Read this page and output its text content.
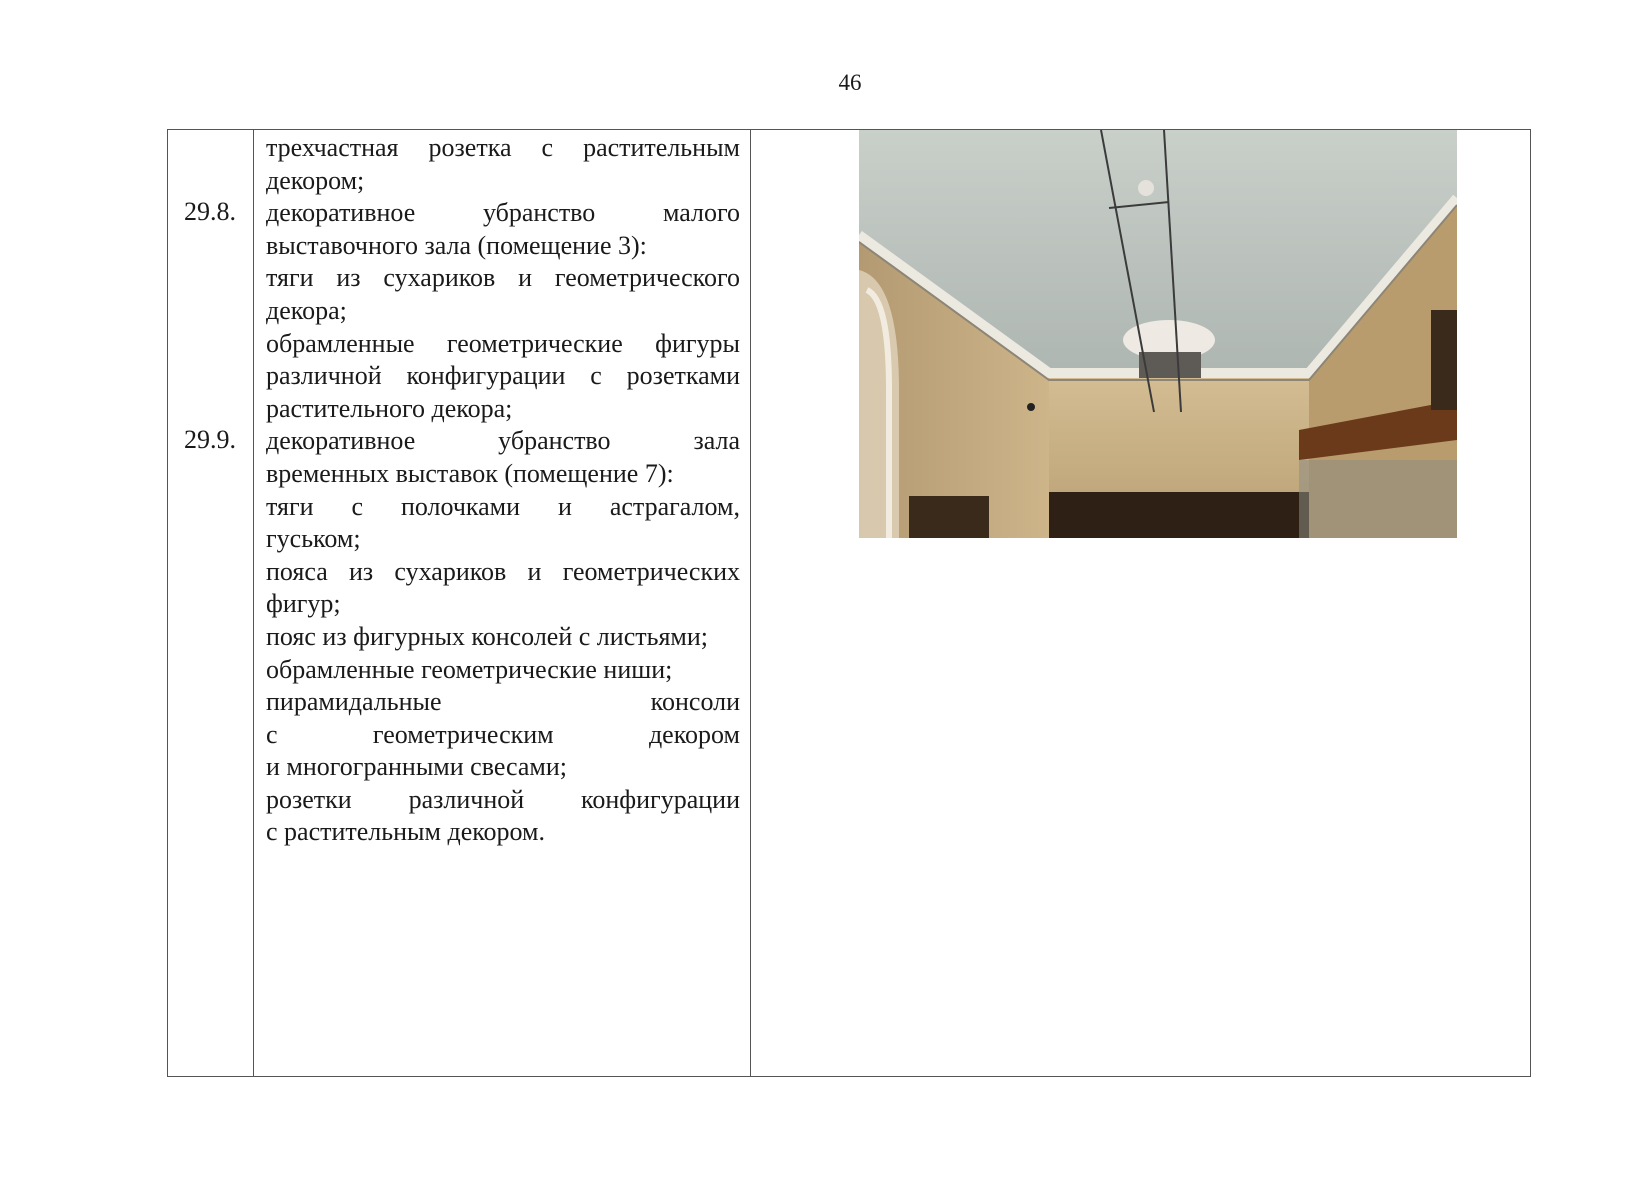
46
29.8.
29.9.
трехчастная розетка с растительным
декором;
декоративное убранство малого
выставочного зала (помещение 3):
тяги из сухариков и геометрического
декора;
обрамленные геометрические фигуры
различной конфигурации с розетками
растительного декора;
декоративное убранство зала
временных выставок (помещение 7):
тяги с полочками и астрагалом,
гуськом;
пояса из сухариков и геометрических
фигур;
пояс из фигурных консолей с листьями;
обрамленные геометрические ниши;
пирамидальные консоли
с геометрическим декором
и многогранными свесами;
розетки различной конфигурации
с растительным декором.
